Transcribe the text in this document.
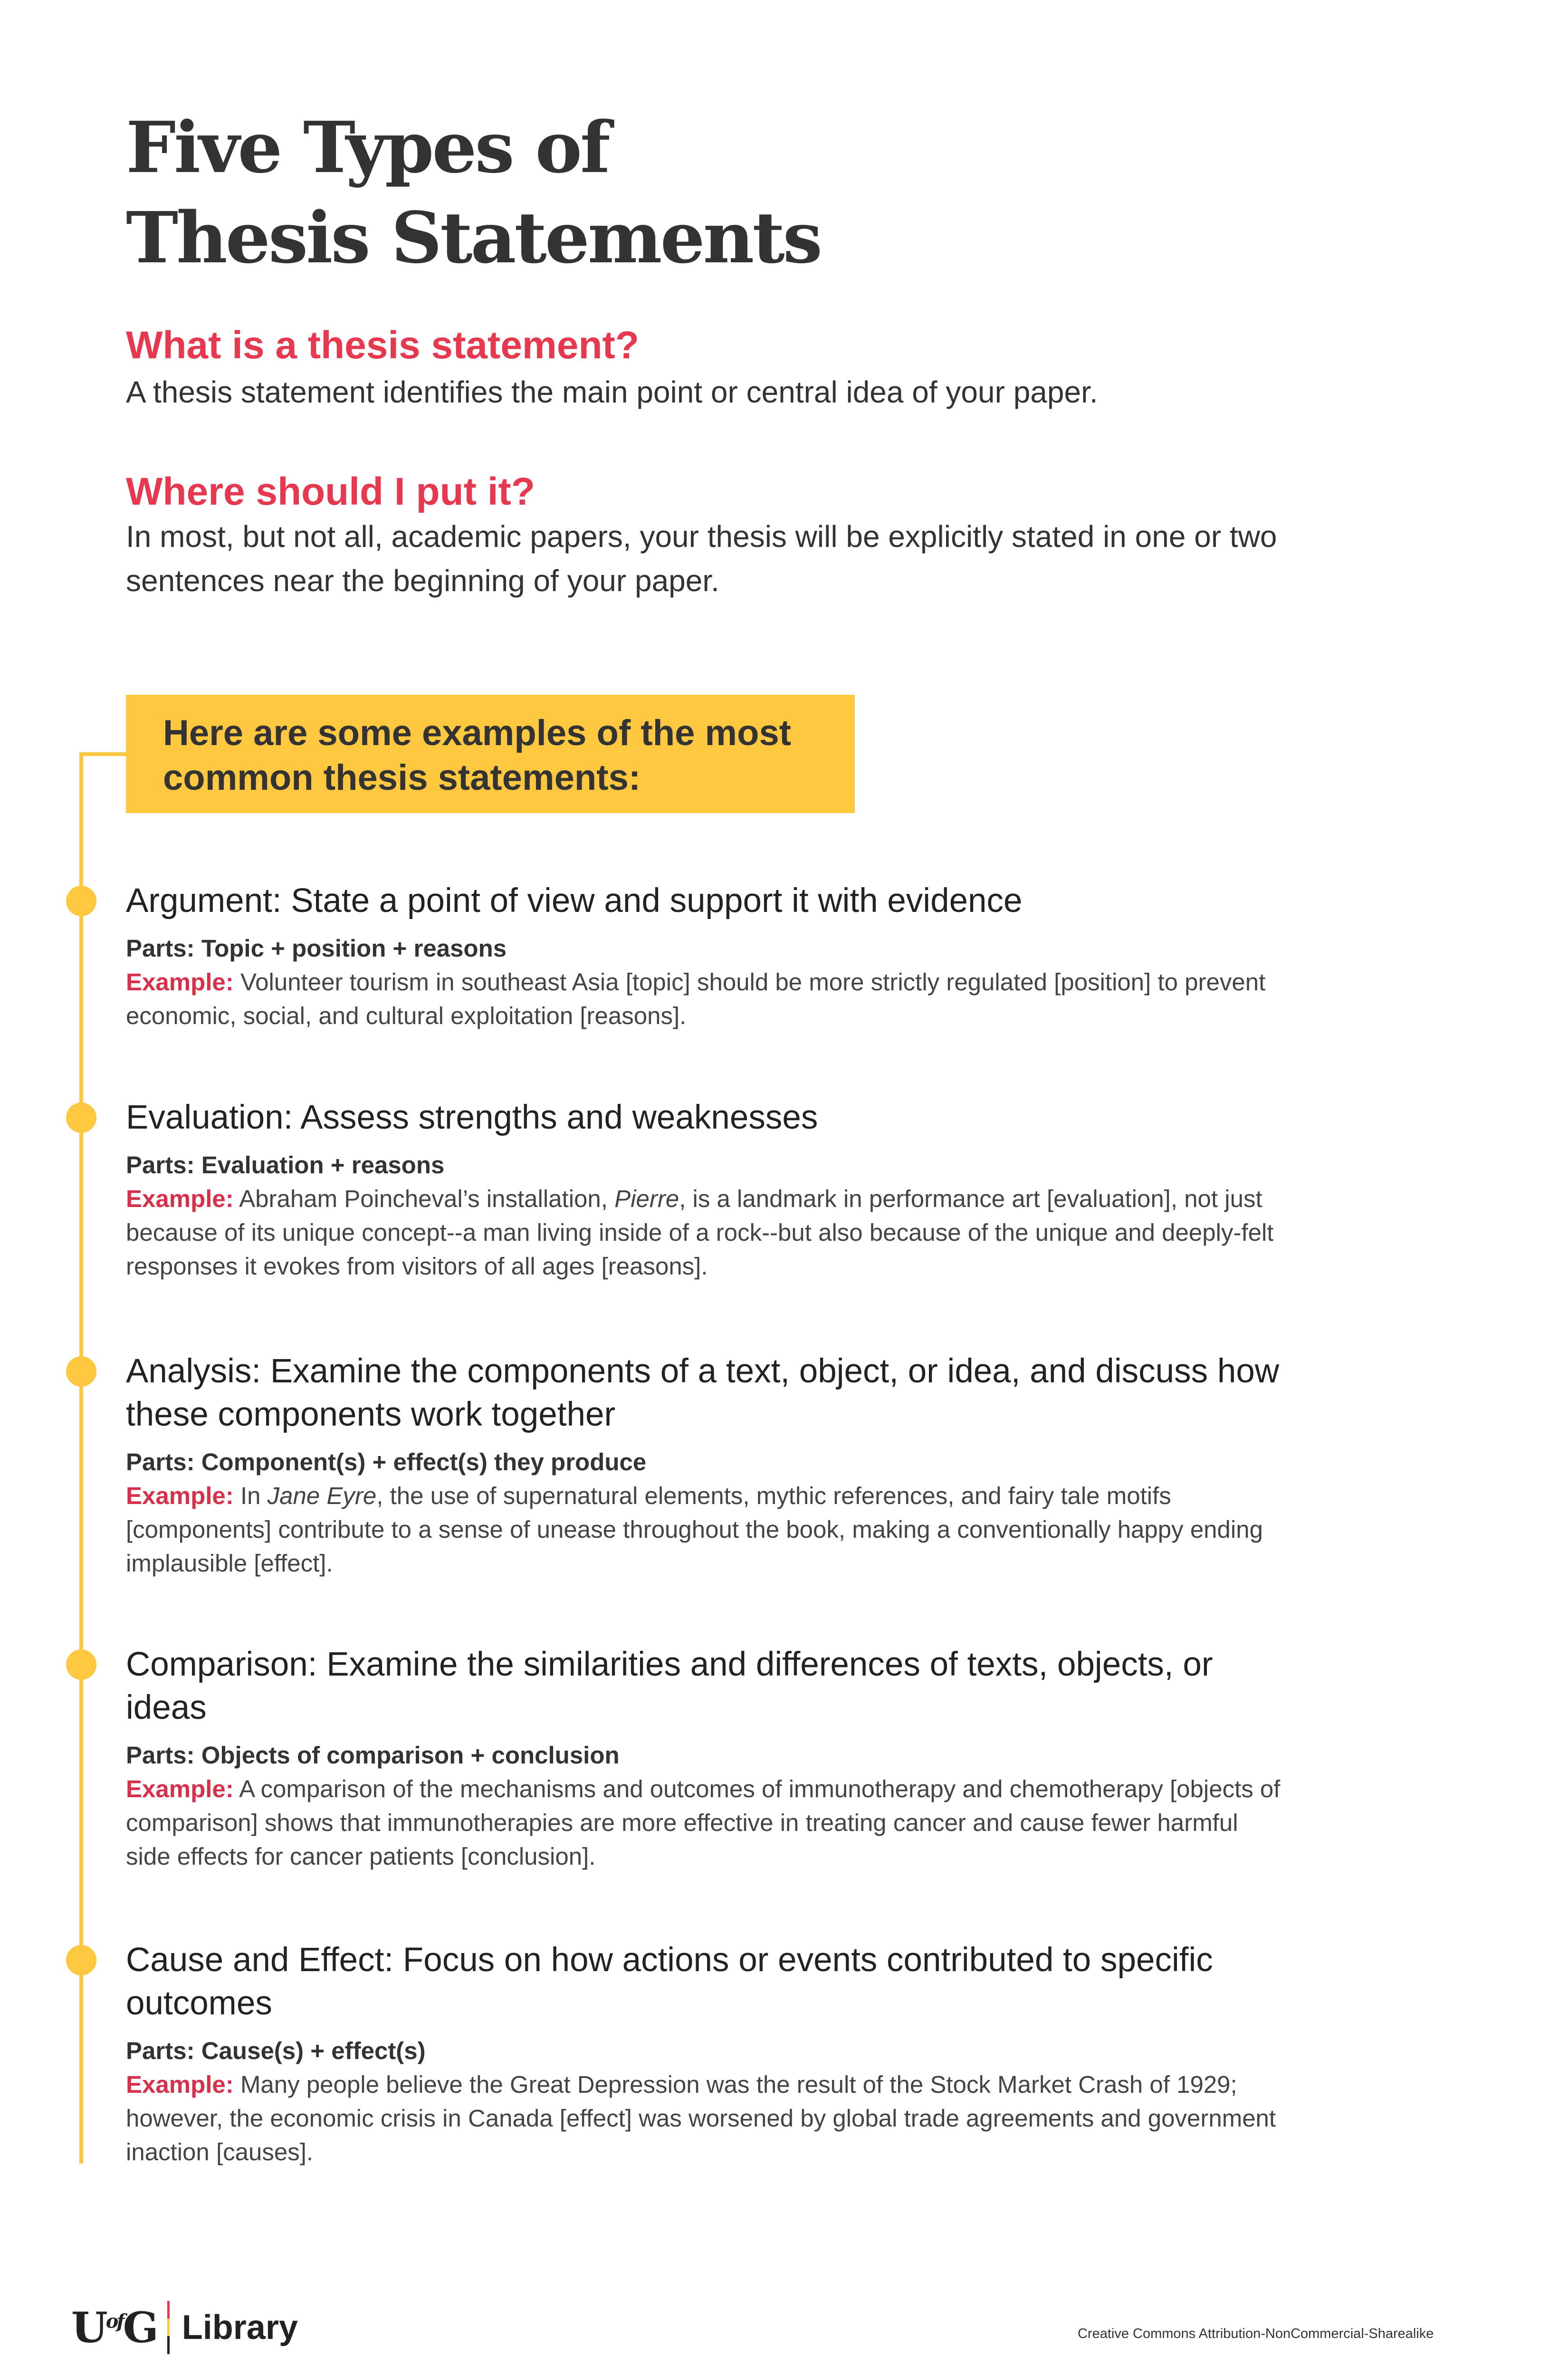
Five Types of
Thesis Statements
What is a thesis statement?

A thesis statement identifies the main point or central idea of your paper.

Where should I put it?

In most, but not all, academic papers, your thesis will be explicitly stated in one or two sentences near the beginning of your paper.

Here are some examples of the most common thesis statements:
Argument: State a point of view and support it with evidence
Parts: Topic + position + reasons
Example: Volunteer tourism in southeast Asia [topic] should be more strictly regulated [position] to prevent economic, social, and cultural exploitation [reasons].
Evaluation: Assess strengths and weaknesses
Parts: Evaluation + reasons
Example: Abraham Poincheval’s installation, Pierre, is a landmark in performance art [evaluation], not just because of its unique concept--a man living inside of a rock--but also because of the unique and deeply-felt responses it evokes from visitors of all ages [reasons].
Analysis: Examine the components of a text, object, or idea, and discuss how these components work together
Parts: Component(s) + effect(s) they produce
Example: In Jane Eyre, the use of supernatural elements, mythic references, and fairy tale motifs [components] contribute to a sense of unease throughout the book, making a conventionally happy ending implausible [effect].
Comparison: Examine the similarities and differences of texts, objects, or ideas
Parts: Objects of comparison + conclusion
Example: A comparison of the mechanisms and outcomes of immunotherapy and chemotherapy [objects of comparison] shows that immunotherapies are more effective in treating cancer and cause fewer harmful side effects for cancer patients [conclusion].
Cause and Effect: Focus on how actions or events contributed to specific outcomes
Parts: Cause(s) + effect(s)
Example: Many people believe the Great Depression was the result of the Stock Market Crash of 1929; however, the economic crisis in Canada [effect] was worsened by global trade agreements and government inaction [causes].
$U^{of}G$ Library	Creative Commons Attribution-NonCommercial-Sharealike
